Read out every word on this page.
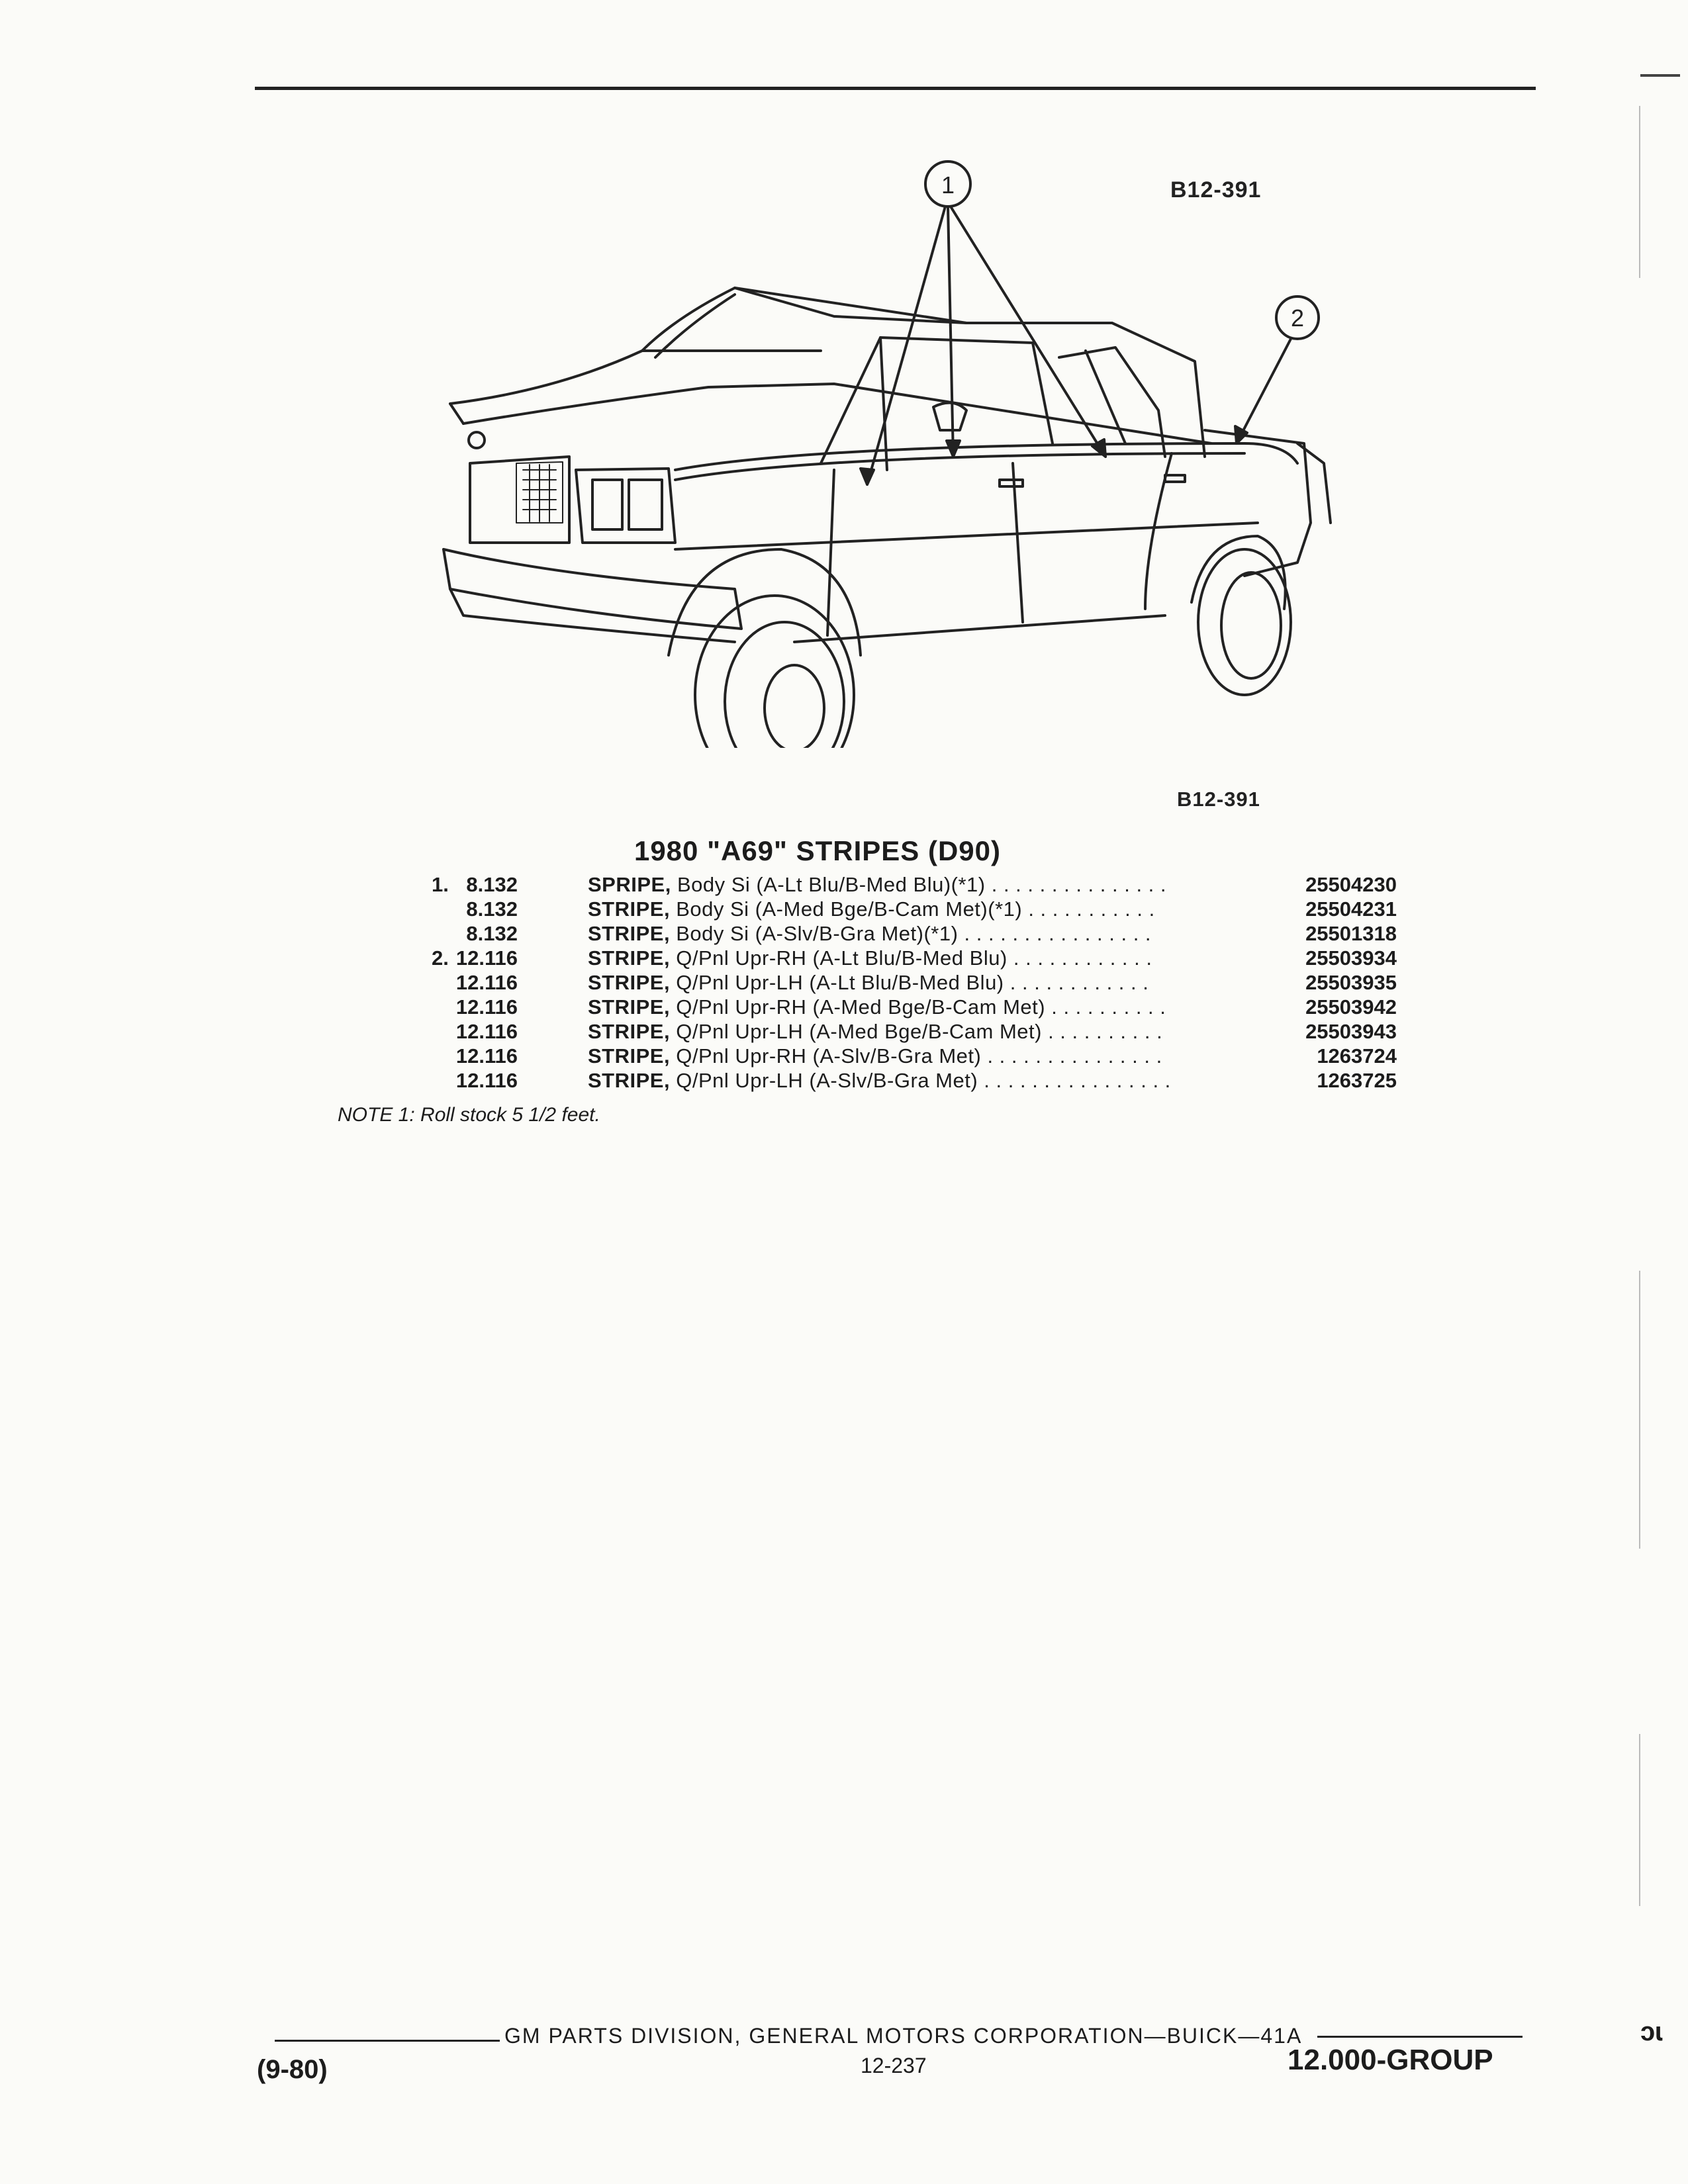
B12-391
1
2
B12-391
1980 "A69" STRIPES (D90)
1. 8.132	SPRIPE, Body Si (A-Lt Blu/B-Med Blu)(*1) . . . . . . . . . . . . . . .	25504230
8.132	STRIPE, Body Si (A-Med Bge/B-Cam Met)(*1) . . . . . . . . . . .	25504231
8.132	STRIPE, Body Si (A-Slv/B-Gra Met)(*1) . . . . . . . . . . . . . . . .	25501318
2. 12.116	STRIPE, Q/Pnl Upr-RH (A-Lt Blu/B-Med Blu) . . . . . . . . . . . .	25503934
12.116	STRIPE, Q/Pnl Upr-LH (A-Lt Blu/B-Med Blu) . . . . . . . . . . . .	25503935
12.116	STRIPE, Q/Pnl Upr-RH (A-Med Bge/B-Cam Met) . . . . . . . . . .	25503942
12.116	STRIPE, Q/Pnl Upr-LH (A-Med Bge/B-Cam Met) . . . . . . . . . .	25503943
12.116	STRIPE, Q/Pnl Upr-RH (A-Slv/B-Gra Met) . . . . . . . . . . . . . . .	1263724
12.116	STRIPE, Q/Pnl Upr-LH (A-Slv/B-Gra Met) . . . . . . . . . . . . . . . .	1263725
NOTE 1: Roll stock 5 1/2 feet.
GM PARTS DIVISION, GENERAL MOTORS CORPORATION—BUICK—41A
(9-80)	12-237	12.000-GROUP
ɔɩ
